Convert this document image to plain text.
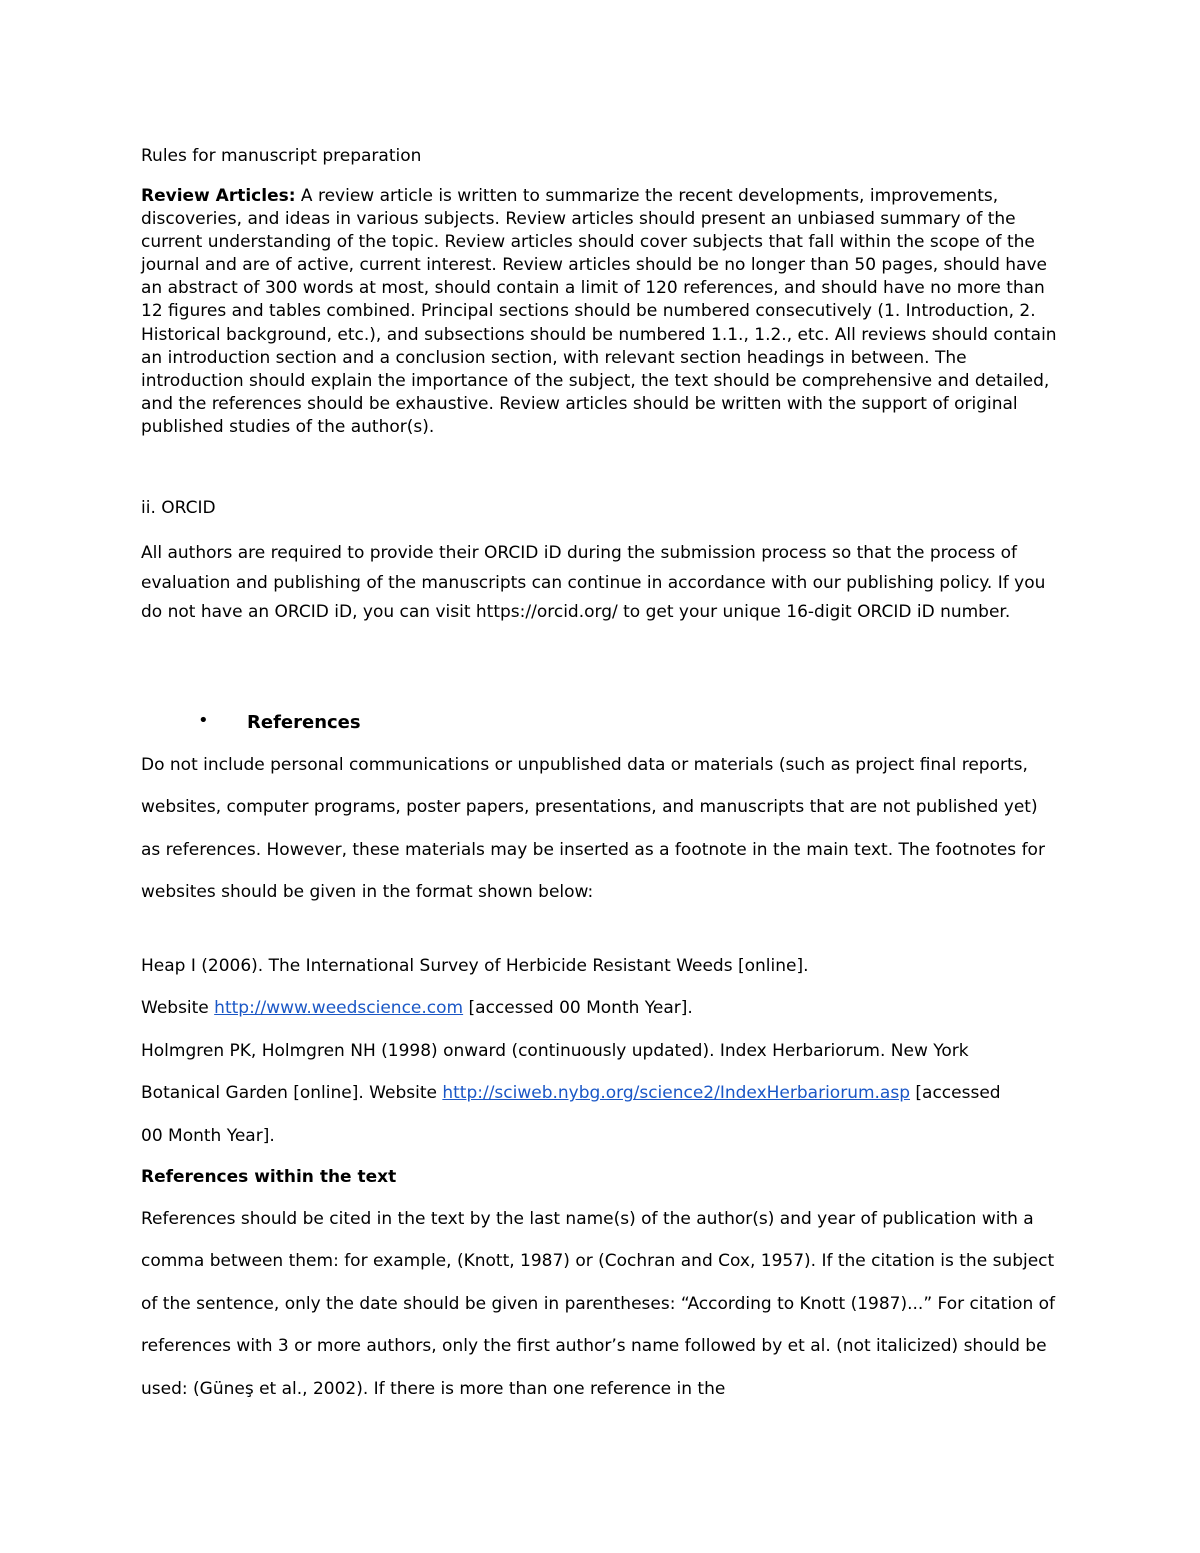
Rules for manuscript preparation
Review Articles: A review article is written to summarize the recent developments, improvements, discoveries, and ideas in various subjects. Review articles should present an unbiased summary of the current understanding of the topic. Review articles should cover subjects that fall within the scope of the journal and are of active, current interest. Review articles should be no longer than 50 pages, should have an abstract of 300 words at most, should contain a limit of 120 references, and should have no more than 12 figures and tables combined. Principal sections should be numbered consecutively (1. Introduction, 2. Historical background, etc.), and subsections should be numbered 1.1., 1.2., etc. All reviews should contain an introduction section and a conclusion section, with relevant section headings in between. The introduction should explain the importance of the subject, the text should be comprehensive and detailed, and the references should be exhaustive. Review articles should be written with the support of original published studies of the author(s).
ii. ORCID
All authors are required to provide their ORCID iD during the submission process so that the process of evaluation and publishing of the manuscripts can continue in accordance with our publishing policy. If you do not have an ORCID iD, you can visit https://orcid.org/ to get your unique 16-digit ORCID iD number.
• References
Do not include personal communications or unpublished data or materials (such as project final reports, websites, computer programs, poster papers, presentations, and manuscripts that are not published yet) as references. However, these materials may be inserted as a footnote in the main text. The footnotes for websites should be given in the format shown below:
Heap I (2006). The International Survey of Herbicide Resistant Weeds [online].
Website http://www.weedscience.com [accessed 00 Month Year].
Holmgren PK, Holmgren NH (1998) onward (continuously updated). Index Herbariorum. New York
Botanical Garden [online]. Website http://sciweb.nybg.org/science2/IndexHerbariorum.asp [accessed
00 Month Year].
References within the text
References should be cited in the text by the last name(s) of the author(s) and year of publication with a comma between them: for example, (Knott, 1987) or (Cochran and Cox, 1957). If the citation is the subject of the sentence, only the date should be given in parentheses: “According to Knott (1987)...” For citation of references with 3 or more authors, only the first author’s name followed by et al. (not italicized) should be used: (Güneş et al., 2002). If there is more than one reference in the
